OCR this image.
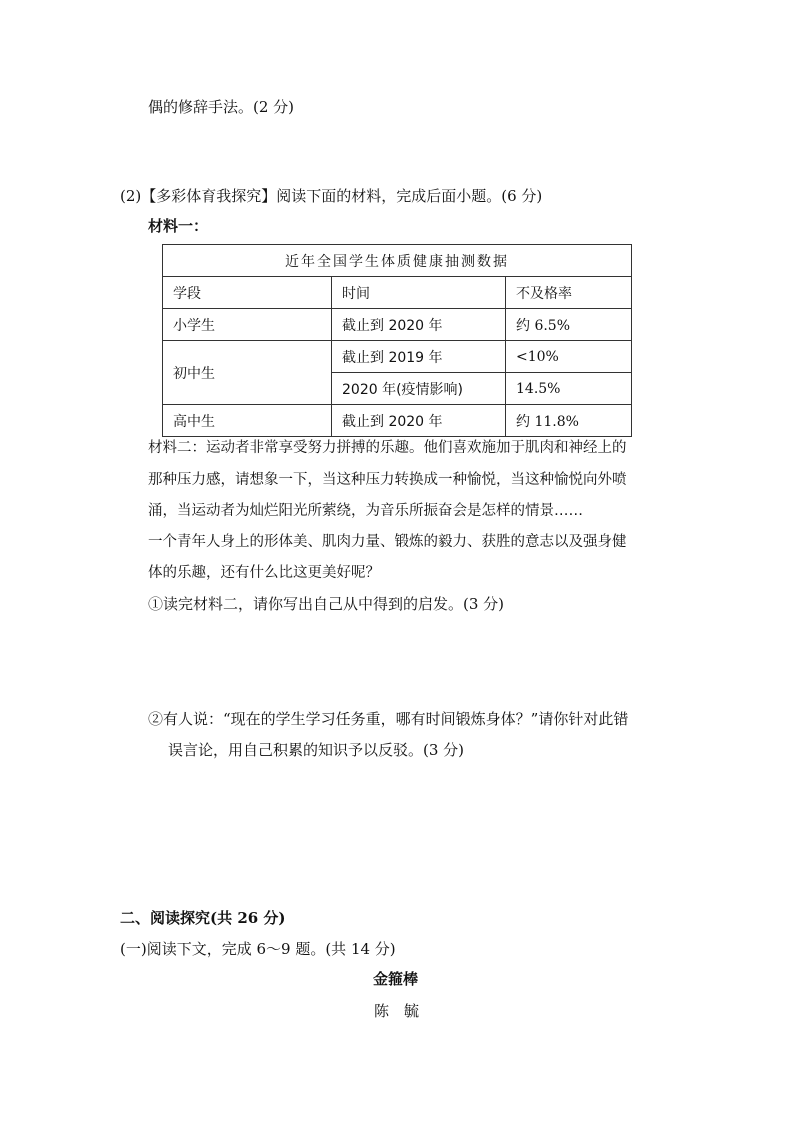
偶的修辞手法。(2 分)
(2)【多彩体育我探究】阅读下面的材料，完成后面小题。(6 分)
材料一：
近年全国学生体质健康抽测数据		
学段	时间	不及格率
小学生	截止到 2020 年	约 6.5%
初中生	截止到 2019 年	<10%
	2020 年(疫情影响)	14.5%
高中生	截止到 2020 年	约 11.8%
材料二：运动者非常享受努力拼搏的乐趣。他们喜欢施加于肌肉和神经上的
那种压力感，请想象一下，当这种压力转换成一种愉悦，当这种愉悦向外喷
涌，当运动者为灿烂阳光所萦绕，为音乐所振奋会是怎样的情景……
一个青年人身上的形体美、肌肉力量、锻炼的毅力、获胜的意志以及强身健
体的乐趣，还有什么比这更美好呢？
①读完材料二，请你写出自己从中得到的启发。(3 分)
②有人说：“现在的学生学习任务重，哪有时间锻炼身体？”请你针对此错
误言论，用自己积累的知识予以反驳。(3 分)
二、阅读探究(共 26 分)
(一)阅读下文，完成 6～9 题。(共 14 分)
金箍棒
陈　毓
